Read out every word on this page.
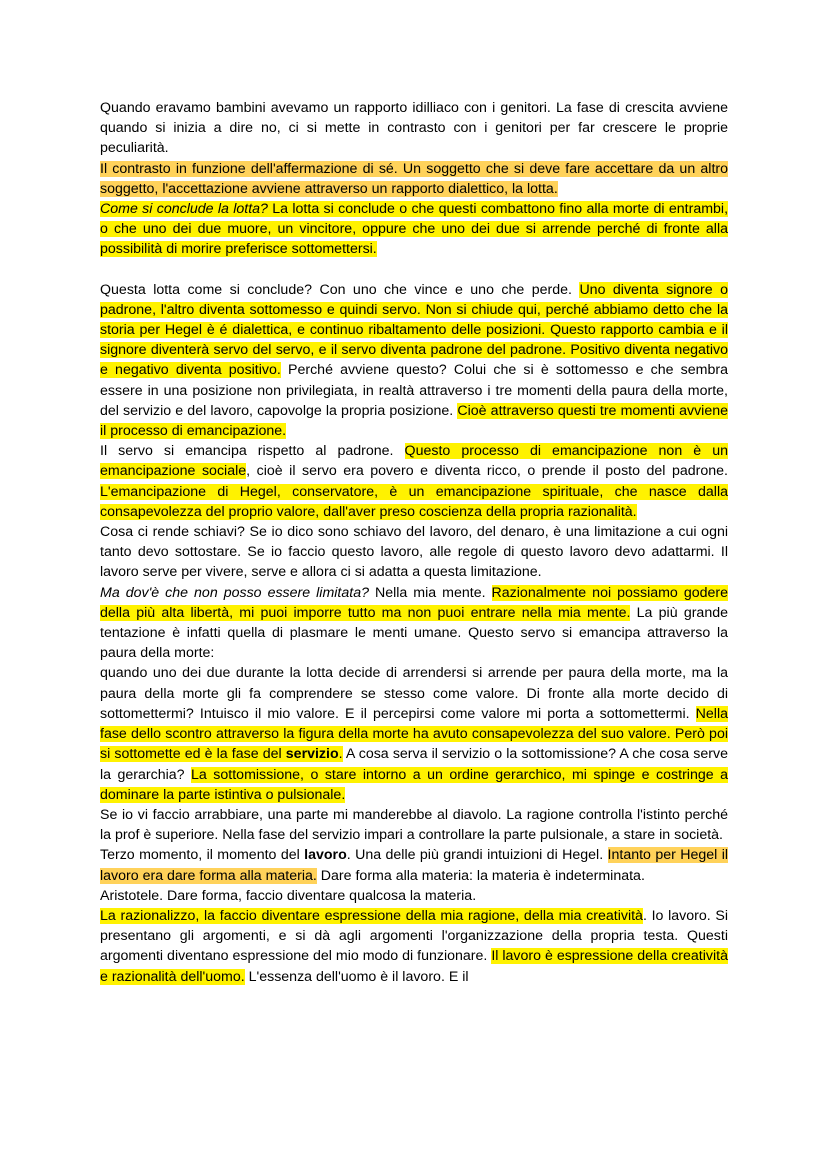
Quando eravamo bambini avevamo un rapporto idilliaco con i genitori. La fase di crescita avviene quando si inizia a dire no, ci si mette in contrasto con i genitori per far crescere le proprie peculiarità.

Il contrasto in funzione dell'affermazione di sé. Un soggetto che si deve fare accettare da un altro soggetto, l'accettazione avviene attraverso un rapporto dialettico, la lotta.

Come si conclude la lotta? La lotta si conclude o che questi combattono fino alla morte di entrambi, o che uno dei due muore, un vincitore, oppure che uno dei due si arrende perché di fronte alla possibilità di morire preferisce sottomettersi.

Questa lotta come si conclude? Con uno che vince e uno che perde. Uno diventa signore o padrone, l'altro diventa sottomesso e quindi servo. Non si chiude qui, perché abbiamo detto che la storia per Hegel è é dialettica, e continuo ribaltamento delle posizioni. Questo rapporto cambia e il signore diventerà servo del servo, e il servo diventa padrone del padrone. Positivo diventa negativo e negativo diventa positivo. Perché avviene questo? Colui che si è sottomesso e che sembra essere in una posizione non privilegiata, in realtà attraverso i tre momenti della paura della morte, del servizio e del lavoro, capovolge la propria posizione. Cioè attraverso questi tre momenti avviene il processo di emancipazione.

Il servo si emancipa rispetto al padrone. Questo processo di emancipazione non è un emancipazione sociale, cioè il servo era povero e diventa ricco, o prende il posto del padrone. L'emancipazione di Hegel, conservatore, è un emancipazione spirituale, che nasce dalla consapevolezza del proprio valore, dall'aver preso coscienza della propria razionalità.

Cosa ci rende schiavi? Se io dico sono schiavo del lavoro, del denaro, è una limitazione a cui ogni tanto devo sottostare. Se io faccio questo lavoro, alle regole di questo lavoro devo adattarmi. Il lavoro serve per vivere, serve e allora ci si adatta a questa limitazione.

Ma dov'è che non posso essere limitata? Nella mia mente. Razionalmente noi possiamo godere della più alta libertà, mi puoi imporre tutto ma non puoi entrare nella mia mente. La più grande tentazione è infatti quella di plasmare le menti umane. Questo servo si emancipa attraverso la paura della morte:

quando uno dei due durante la lotta decide di arrendersi si arrende per paura della morte, ma la paura della morte gli fa comprendere se stesso come valore. Di fronte alla morte decido di sottomettermi? Intuisco il mio valore. E il percepirsi come valore mi porta a sottomettermi. Nella fase dello scontro attraverso la figura della morte ha avuto consapevolezza del suo valore. Però poi si sottomette ed è la fase del servizio. A cosa serva il servizio o la sottomissione? A che cosa serve la gerarchia? La sottomissione, o stare intorno a un ordine gerarchico, mi spinge e costringe a dominare la parte istintiva o pulsionale.

Se io vi faccio arrabbiare, una parte mi manderebbe al diavolo. La ragione controlla l'istinto perché la prof è superiore. Nella fase del servizio impari a controllare la parte pulsionale, a stare in società.

Terzo momento, il momento del lavoro. Una delle più grandi intuizioni di Hegel. Intanto per Hegel il lavoro era dare forma alla materia. Dare forma alla materia: la materia è indeterminata.

Aristotele. Dare forma, faccio diventare qualcosa la materia.

La razionalizzo, la faccio diventare espressione della mia ragione, della mia creatività. Io lavoro. Si presentano gli argomenti, e si dà agli argomenti l'organizzazione della propria testa. Questi argomenti diventano espressione del mio modo di funzionare. Il lavoro è espressione della creatività e razionalità dell'uomo. L'essenza dell'uomo è il lavoro. E il
